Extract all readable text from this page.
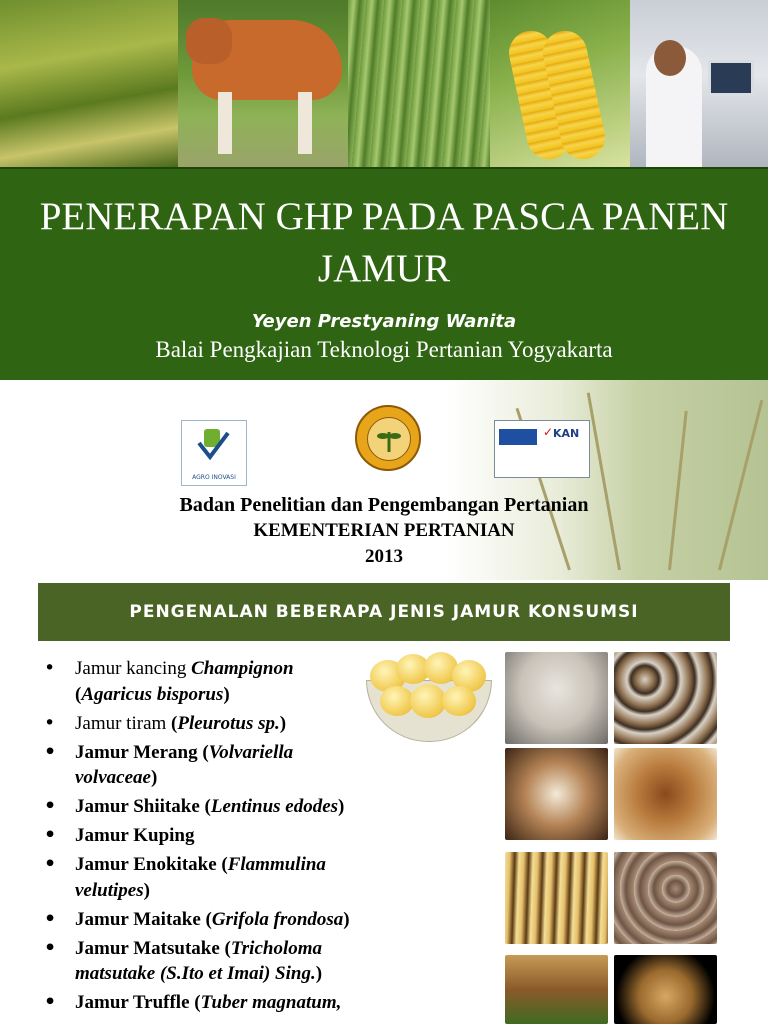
PENERAPAN GHP PADA PASCA PANEN
JAMUR
Yeyen Prestyaning Wanita
Balai Pengkajian Teknologi Pertanian Yogyakarta
AGRO INOVASI
✓ KAN
Badan Penelitian dan Pengembangan Pertanian
KEMENTERIAN PERTANIAN
2013
PENGENALAN BEBERAPA JENIS JAMUR KONSUMSI
• Jamur kancing Champignon (Agaricus bisporus)
• Jamur tiram (Pleurotus sp.)
• Jamur Merang (Volvariella volvaceae)
• Jamur Shiitake (Lentinus edodes)
• Jamur Kuping
• Jamur Enokitake (Flammulina velutipes)
• Jamur Maitake (Grifola frondosa)
• Jamur Matsutake (Tricholoma matsutake (S.Ito et Imai) Sing.)
• Jamur Truffle (Tuber magnatum,
